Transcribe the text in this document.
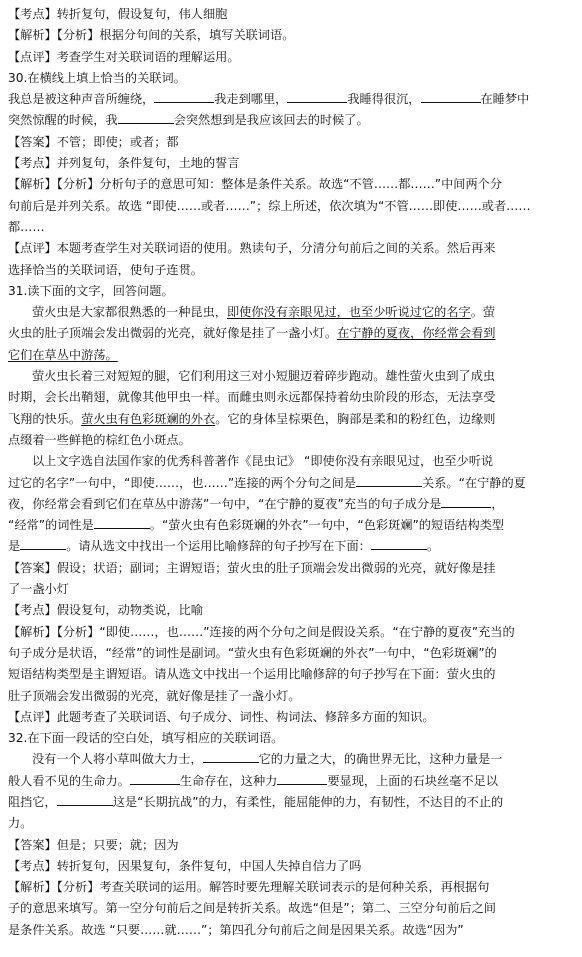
【考点】转折复句，假设复句，伟人细胞
【解析】【分析】根据分句间的关系，填写关联词语。
【点评】考查学生对关联词语的理解运用。
30.在横线上填上恰当的关联词。
我总是被这种声音所缠绕，	我走到哪里，	我睡得很沉，	在睡梦中
突然惊醒的时候，我	会突然想到是我应该回去的时候了。
【答案】不管；即使；或者；都
【考点】并列复句，条件复句，土地的誓言
【解析】【分析】分析句子的意思可知：整体是条件关系。故选“不管……都……”中间两个分
句前后是并列关系。故选 “即使……或者……”；综上所述，依次填为“不管……即使……或者……
都……
【点评】本题考查学生对关联词语的使用。熟读句子，分清分句前后之间的关系。然后再来
选择恰当的关联词语，使句子连贯。
31.读下面的文字，回答问题。
萤火虫是大家都很熟悉的一种昆虫，即使你没有亲眼见过，也至少听说过它的名字。萤
火虫的肚子顶端会发出微弱的光亮，就好像是挂了一盏小灯。在宁静的夏夜，你经常会看到
它们在草丛中游荡。
萤火虫长着三对短短的腿，它们利用这三对小短腿迈着碎步跑动。雄性萤火虫到了成虫
时期，会长出鞘翅，就像其他甲虫一样。而雌虫则永远都保持着幼虫阶段的形态，无法享受
飞翔的快乐。萤火虫有色彩斑斓的外衣。它的身体呈棕栗色，胸部是柔和的粉红色，边缘则
点缀着一些鲜艳的棕红色小斑点。
以上文字选自法国作家的优秀科普著作《昆虫记》 “即使你没有亲眼见过，也至少听说
过它的名字”一句中，“即使……，也……”连接的两个分句之间是	关系。“在宁静的夏
夜，你经常会看到它们在草丛中游荡”一句中，“在宁静的夏夜”充当的句子成分是	，
“经常”的词性是	。“萤火虫有色彩斑斓的外衣”一句中，“色彩斑斓”的短语结构类型
是	。请从选文中找出一个运用比喻修辞的句子抄写在下面：	。
【答案】假设；状语；副词；主谓短语；萤火虫的肚子顶端会发出微弱的光亮，就好像是挂
了一盏小灯
【考点】假设复句，动物类说，比喻
【解析】【分析】“即使……，也……”连接的两个分句之间是假设关系。“在宁静的夏夜”充当的
句子成分是状语，“经常”的词性是副词。“萤火虫有色彩斑斓的外衣”一句中，“色彩斑斓”的
短语结构类型是主谓短语。请从选文中找出一个运用比喻修辞的句子抄写在下面：萤火虫的
肚子顶端会发出微弱的光亮，就好像是挂了一盏小灯。
【点评】此题考查了关联词语、句子成分、词性、构词法、修辞多方面的知识。
32.在下面一段话的空白处，填写相应的关联词语。
没有一个人将小草叫做大力士，	它的力量之大，的确世界无比，这种力量是一
般人看不见的生命力。	生命存在，这种力	要显现，上面的石块丝毫不足以
阻挡它，	这是“长期抗战”的力，有柔性，能屈能伸的力，有韧性，不达目的不止的
力。
【答案】但是；只要；就；因为
【考点】转折复句，因果复句，条件复句，中国人失掉自信力了吗
【解析】【分析】考查关联词的运用。解答时要先理解关联词表示的是何种关系，再根据句
子的意思来填写。第一空分句前后之间是转折关系。故选“但是”；第二、三空分句前后之间
是条件关系。故选 “只要……就……”；第四孔分句前后之间是因果关系。故选“因为”
